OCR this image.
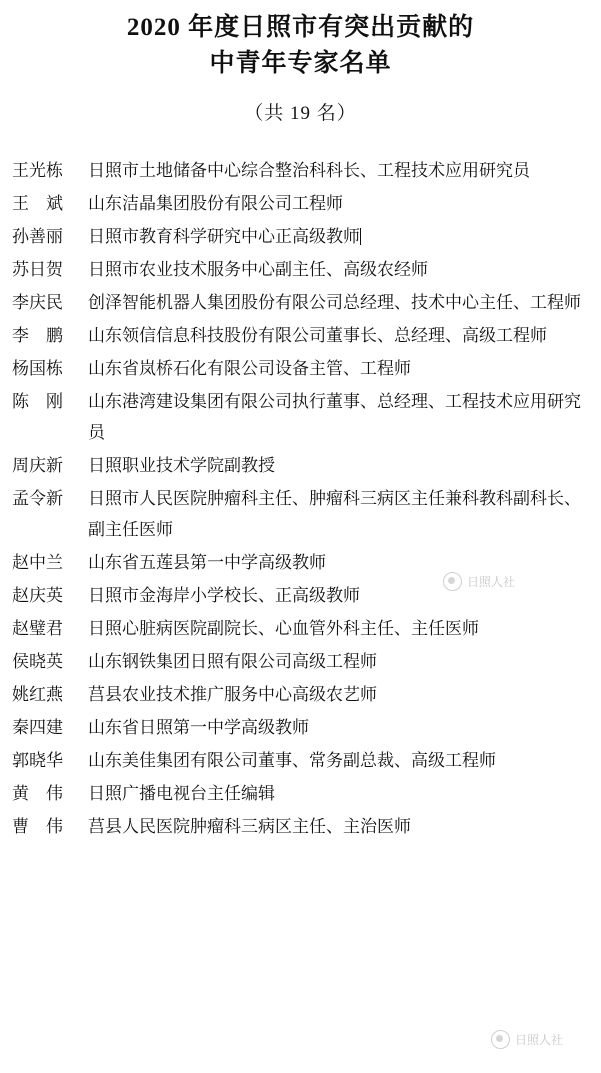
2020 年度日照市有突出贡献的
中青年专家名单
（共 19 名）
王光栋	日照市土地储备中心综合整治科科长、工程技术应用研究员
王　斌	山东洁晶集团股份有限公司工程师
孙善丽	日照市教育科学研究中心正高级教师
苏日贺	日照市农业技术服务中心副主任、高级农经师
李庆民	创泽智能机器人集团股份有限公司总经理、技术中心主任、工程师
李　鹏	山东领信信息科技股份有限公司董事长、总经理、高级工程师
杨国栋	山东省岚桥石化有限公司设备主管、工程师
陈　刚	山东港湾建设集团有限公司执行董事、总经理、工程技术应用研究员
周庆新	日照职业技术学院副教授
孟令新	日照市人民医院肿瘤科主任、肿瘤科三病区主任兼科教科副科长、副主任医师
赵中兰	山东省五莲县第一中学高级教师
赵庆英	日照市金海岸小学校长、正高级教师
赵璧君	日照心脏病医院副院长、心血管外科主任、主任医师
侯晓英	山东钢铁集团日照有限公司高级工程师
姚红燕	莒县农业技术推广服务中心高级农艺师
秦四建	山东省日照第一中学高级教师
郭晓华	山东美佳集团有限公司董事、常务副总裁、高级工程师
黄　伟	日照广播电视台主任编辑
曹　伟	莒县人民医院肿瘤科三病区主任、主治医师
日照人社
日照人社
